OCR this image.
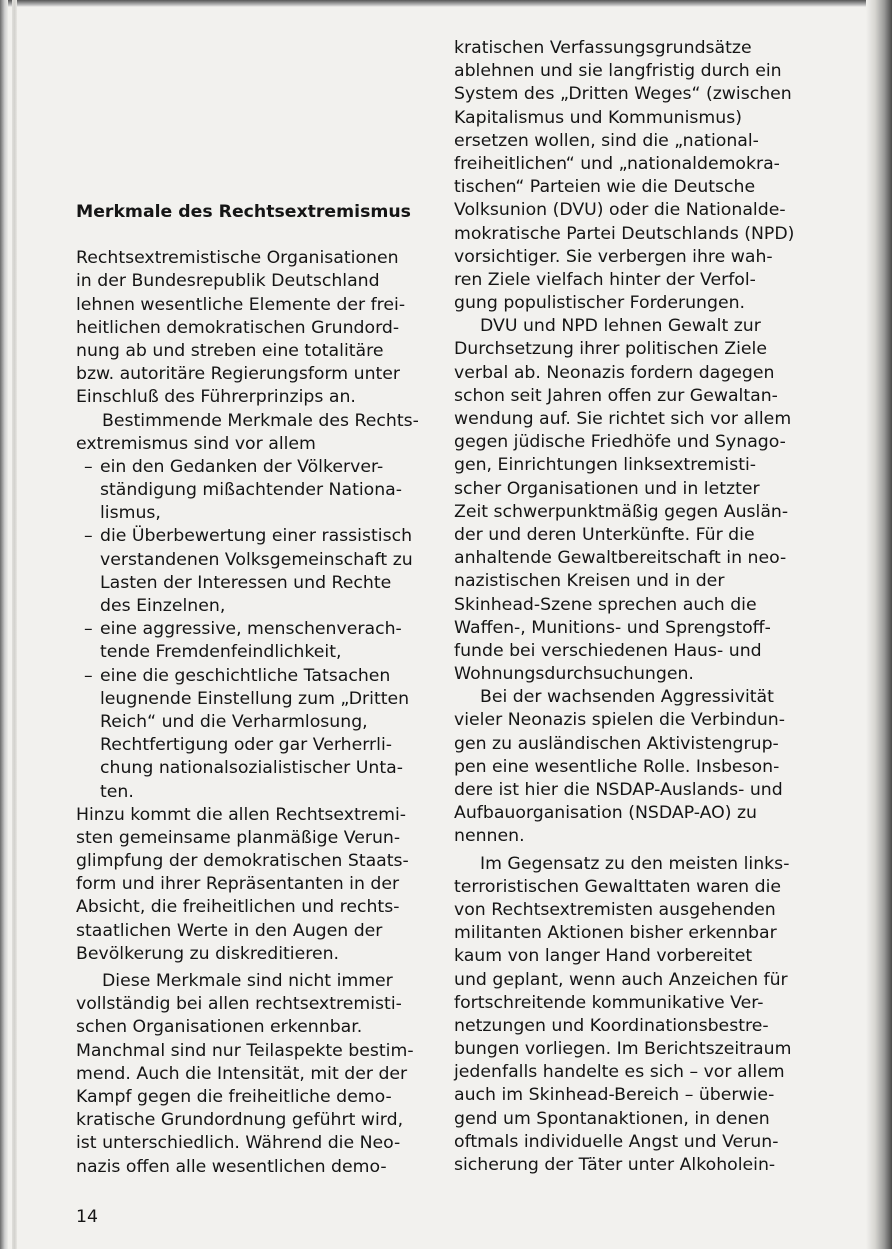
Merkmale des Rechtsextremismus
Rechtsextremistische Organisationen
in der Bundesrepublik Deutschland
lehnen wesentliche Elemente der frei-
heitlichen demokratischen Grundord-
nung ab und streben eine totalitäre
bzw. autoritäre Regierungsform unter
Einschluß des Führerprinzips an.
Bestimmende Merkmale des Rechts-
extremismus sind vor allem
– ein den Gedanken der Völkerver-
ständigung mißachtender Nationa-
lismus,
– die Überbewertung einer rassistisch
verstandenen Volksgemeinschaft zu
Lasten der Interessen und Rechte
des Einzelnen,
– eine aggressive, menschenverach-
tende Fremdenfeindlichkeit,
– eine die geschichtliche Tatsachen
leugnende Einstellung zum „Dritten
Reich“ und die Verharmlosung,
Rechtfertigung oder gar Verherrli-
chung nationalsozialistischer Unta-
ten.
Hinzu kommt die allen Rechtsextremi-
sten gemeinsame planmäßige Verun-
glimpfung der demokratischen Staats-
form und ihrer Repräsentanten in der
Absicht, die freiheitlichen und rechts-
staatlichen Werte in den Augen der
Bevölkerung zu diskreditieren.
Diese Merkmale sind nicht immer
vollständig bei allen rechtsextremisti-
schen Organisationen erkennbar.
Manchmal sind nur Teilaspekte bestim-
mend. Auch die Intensität, mit der der
Kampf gegen die freiheitliche demo-
kratische Grundordnung geführt wird,
ist unterschiedlich. Während die Neo-
nazis offen alle wesentlichen demo-
kratischen Verfassungsgrundsätze
ablehnen und sie langfristig durch ein
System des „Dritten Weges“ (zwischen
Kapitalismus und Kommunismus)
ersetzen wollen, sind die „national-
freiheitlichen“ und „nationaldemokra-
tischen“ Parteien wie die Deutsche
Volksunion (DVU) oder die Nationalde-
mokratische Partei Deutschlands (NPD)
vorsichtiger. Sie verbergen ihre wah-
ren Ziele vielfach hinter der Verfol-
gung populistischer Forderungen.
DVU und NPD lehnen Gewalt zur
Durchsetzung ihrer politischen Ziele
verbal ab. Neonazis fordern dagegen
schon seit Jahren offen zur Gewaltan-
wendung auf. Sie richtet sich vor allem
gegen jüdische Friedhöfe und Synago-
gen, Einrichtungen linksextremisti-
scher Organisationen und in letzter
Zeit schwerpunktmäßig gegen Auslän-
der und deren Unterkünfte. Für die
anhaltende Gewaltbereitschaft in neo-
nazistischen Kreisen und in der
Skinhead-Szene sprechen auch die
Waffen-, Munitions- und Sprengstoff-
funde bei verschiedenen Haus- und
Wohnungsdurchsuchungen.
Bei der wachsenden Aggressivität
vieler Neonazis spielen die Verbindun-
gen zu ausländischen Aktivistengrup-
pen eine wesentliche Rolle. Insbeson-
dere ist hier die NSDAP-Auslands- und
Aufbauorganisation (NSDAP-AO) zu
nennen.
Im Gegensatz zu den meisten links-
terroristischen Gewalttaten waren die
von Rechtsextremisten ausgehenden
militanten Aktionen bisher erkennbar
kaum von langer Hand vorbereitet
und geplant, wenn auch Anzeichen für
fortschreitende kommunikative Ver-
netzungen und Koordinationsbestre-
bungen vorliegen. Im Berichtszeitraum
jedenfalls handelte es sich – vor allem
auch im Skinhead-Bereich – überwie-
gend um Spontanaktionen, in denen
oftmals individuelle Angst und Verun-
sicherung der Täter unter Alkoholein-
14
